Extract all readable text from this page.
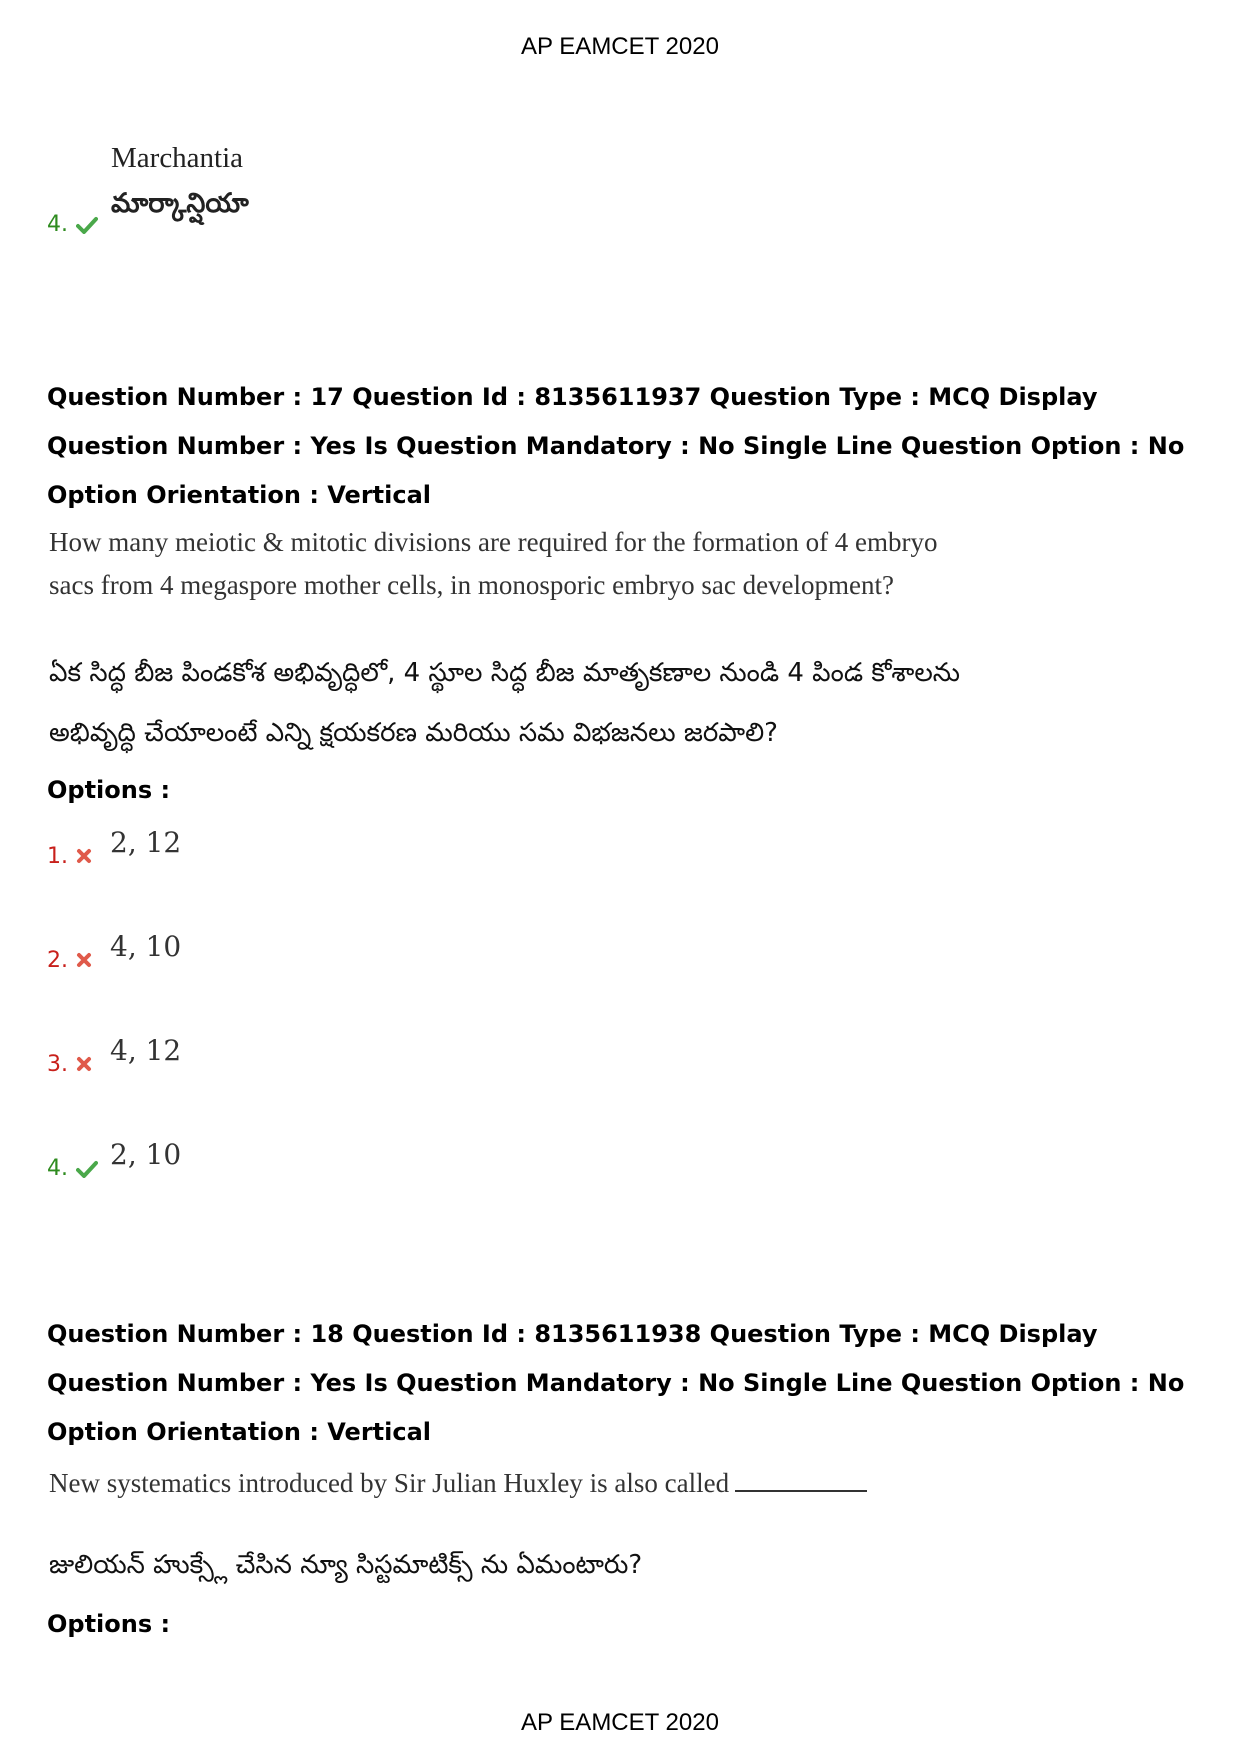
AP EAMCET 2020
Marchantia
మార్కాన్షియా
4.
Question Number : 17 Question Id : 8135611937 Question Type : MCQ Display Question Number : Yes Is Question Mandatory : No Single Line Question Option : No Option Orientation : Vertical
How many meiotic & mitotic divisions are required for the formation of 4 embryo sacs from 4 megaspore mother cells, in monosporic embryo sac development?
ఏక సిద్ధ బీజ పిండకోశ అభివృద్ధిలో, 4 స్థూల సిద్ధ బీజ మాతృకణాల నుండి 4 పిండ కోశాలను అభివృద్ధి చేయాలంటే ఎన్ని క్షయకరణ మరియు సమ విభజనలు జరపాలి?
Options :
1. 2, 12
2. 4, 10
3. 4, 12
4. 2, 10
Question Number : 18 Question Id : 8135611938 Question Type : MCQ Display Question Number : Yes Is Question Mandatory : No Single Line Question Option : No Option Orientation : Vertical
New systematics introduced by Sir Julian Huxley is also called
జులియన్ హుక్స్లే చేసిన న్యూ సిస్టమాటిక్స్ ను ఏమంటారు?
Options :
AP EAMCET 2020
